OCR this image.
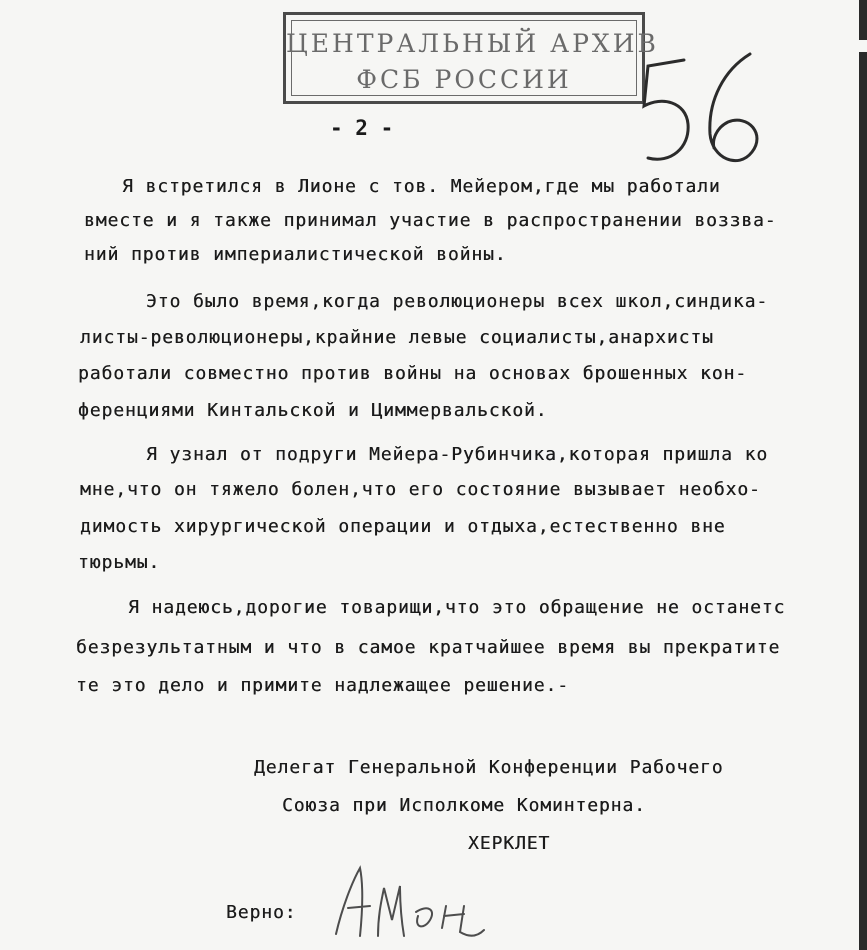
ЦЕНТРАЛЬНЫЙ АРХИВ
ФСБ РОССИИ
- 2 -
Я встретился в Лионе с тов. Мейером,где мы работали
вместе и я также принимал участие в распространении воззва-
ний против империалистической войны.
Это было время,когда революционеры всех школ,синдика-
листы-революционеры,крайние левые социалисты,анархисты
работали совместно против войны на основах брошенных кон-
ференциями Кинтальской и Циммервальской.
Я узнал от подруги Мейера-Рубинчика,которая пришла ко
мне,что он тяжело болен,что его состояние вызывает необхо-
димость хирургической операции и отдыха,естественно вне
тюрьмы.
Я надеюсь,дорогие товарищи,что это обращение не останетс
безрезультатным и что в самое кратчайшее время вы прекратите
те это дело и примите надлежащее решение.-
Делегат Генеральной Конференции Рабочего
Союза при Исполкоме Коминтерна.
ХЕРКЛЕТ
Верно:
